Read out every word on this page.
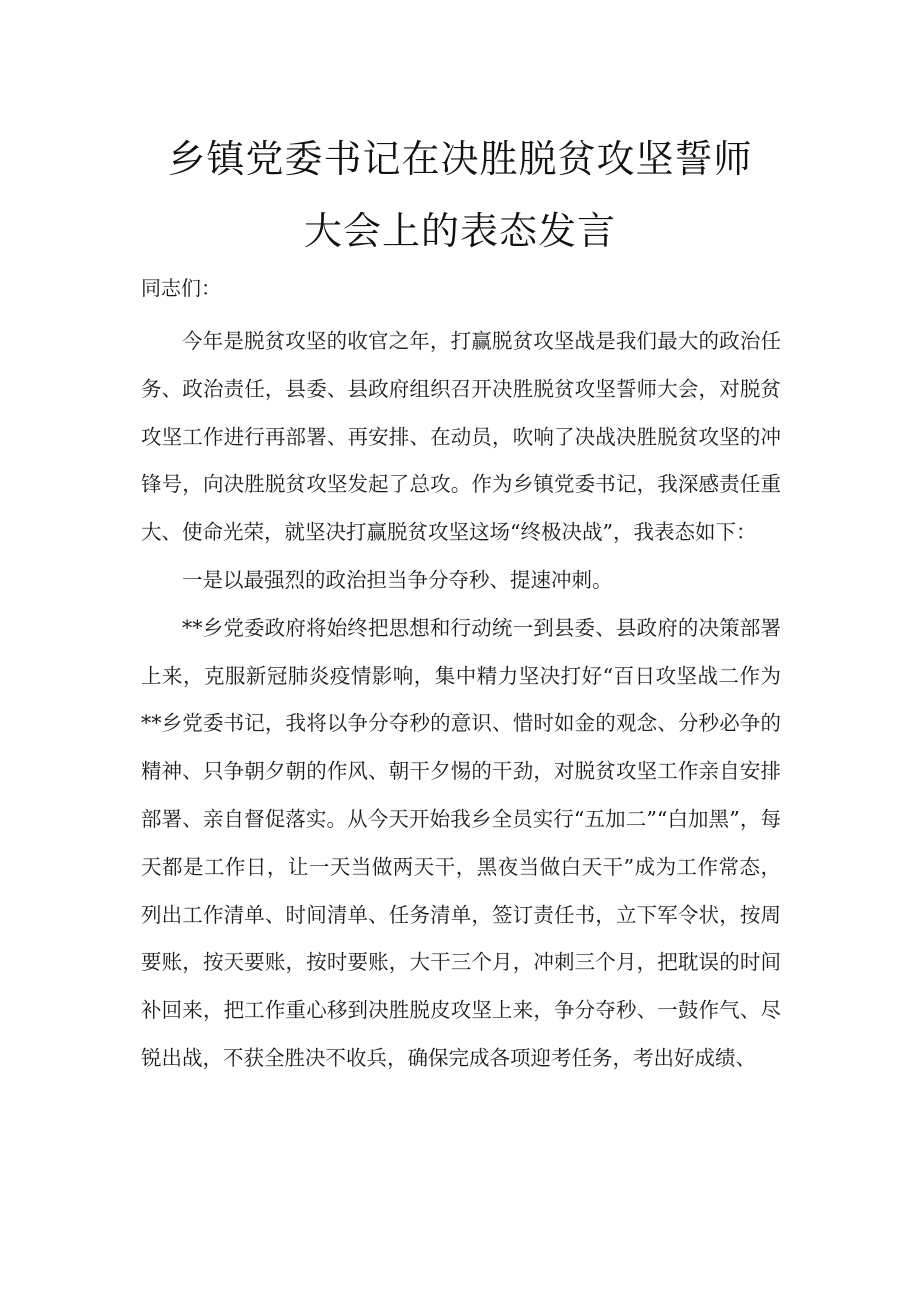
乡镇党委书记在决胜脱贫攻坚誓师
大会上的表态发言
同志们：

今年是脱贫攻坚的收官之年，打赢脱贫攻坚战是我们最大的政治任务、政治责任，县委、县政府组织召开决胜脱贫攻坚誓师大会，对脱贫攻坚工作进行再部署、再安排、在动员，吹响了决战决胜脱贫攻坚的冲锋号，向决胜脱贫攻坚发起了总攻。作为乡镇党委书记，我深感责任重大、使命光荣，就坚决打赢脱贫攻坚这场“终极决战”，我表态如下：

一是以最强烈的政治担当争分夺秒、提速冲刺。

**乡党委政府将始终把思想和行动统一到县委、县政府的决策部署上来，克服新冠肺炎疫情影响，集中精力坚决打好“百日攻坚战二作为**乡党委书记，我将以争分夺秒的意识、惜时如金的观念、分秒必争的精神、只争朝夕朝的作风、朝干夕惕的干劲，对脱贫攻坚工作亲自安排部署、亲自督促落实。从今天开始我乡全员实行“五加二”“白加黑”，每天都是工作日，让一天当做两天干，黑夜当做白天干”成为工作常态，列出工作清单、时间清单、任务清单，签订责任书，立下军令状，按周要账，按天要账，按时要账，大干三个月，冲刺三个月，把耽误的时间补回来，把工作重心移到决胜脱皮攻坚上来，争分夺秒、一鼓作气、尽锐出战，不获全胜决不收兵，确保完成各项迎考任务，考出好成绩、
